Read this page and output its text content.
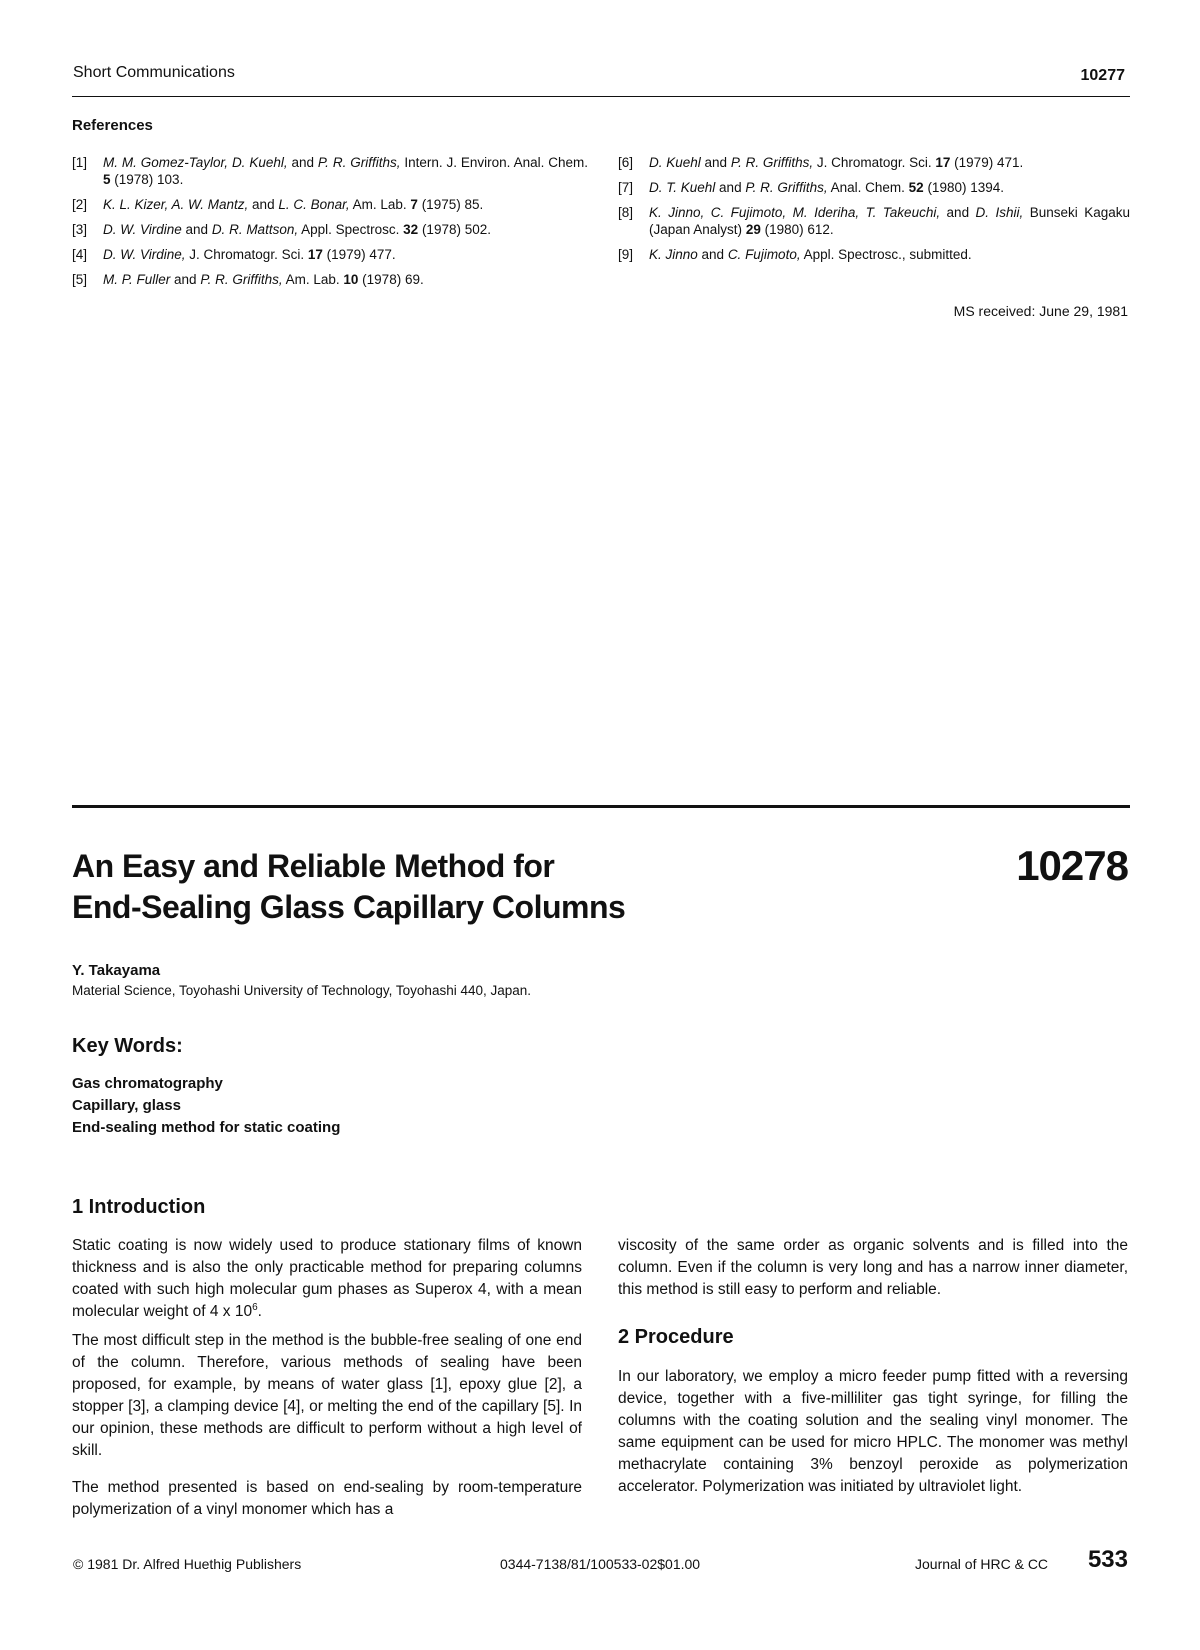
Short Communications	10277
References
[1]	M. M. Gomez-Taylor, D. Kuehl, and P. R. Griffiths, Intern. J. Environ. Anal. Chem. 5 (1978) 103.
[2]	K. L. Kizer, A. W. Mantz, and L. C. Bonar, Am. Lab. 7 (1975) 85.
[3]	D. W. Virdine and D. R. Mattson, Appl. Spectrosc. 32 (1978) 502.
[4]	D. W. Virdine, J. Chromatogr. Sci. 17 (1979) 477.
[5]	M. P. Fuller and P. R. Griffiths, Am. Lab. 10 (1978) 69.
[6]	D. Kuehl and P. R. Griffiths, J. Chromatogr. Sci. 17 (1979) 471.
[7]	D. T. Kuehl and P. R. Griffiths, Anal. Chem. 52 (1980) 1394.
[8]	K. Jinno, C. Fujimoto, M. Ideriha, T. Takeuchi, and D. Ishii, Bunseki Kagaku (Japan Analyst) 29 (1980) 612.
[9]	K. Jinno and C. Fujimoto, Appl. Spectrosc., submitted.
MS received: June 29, 1981
An Easy and Reliable Method for
End-Sealing Glass Capillary Columns
10278
Y. Takayama
Material Science, Toyohashi University of Technology, Toyohashi 440, Japan.
Key Words:
Gas chromatography
Capillary, glass
End-sealing method for static coating
1 Introduction
Static coating is now widely used to produce stationary films of known thickness and is also the only practicable method for preparing columns coated with such high molecular gum phases as Superox 4, with a mean molecular weight of 4 x $10^6$.
The most difficult step in the method is the bubble-free sealing of one end of the column. Therefore, various methods of sealing have been proposed, for example, by means of water glass [1], epoxy glue [2], a stopper [3], a clamping device [4], or melting the end of the capillary [5]. In our opinion, these methods are difficult to perform without a high level of skill.
The method presented is based on end-sealing by room-temperature polymerization of a vinyl monomer which has a
viscosity of the same order as organic solvents and is filled into the column. Even if the column is very long and has a narrow inner diameter, this method is still easy to perform and reliable.
2 Procedure
In our laboratory, we employ a micro feeder pump fitted with a reversing device, together with a five-milliliter gas tight syringe, for filling the columns with the coating solution and the sealing vinyl monomer. The same equipment can be used for micro HPLC. The monomer was methyl methacrylate containing 3% benzoyl peroxide as polymerization accelerator. Polymerization was initiated by ultraviolet light.
© 1981 Dr. Alfred Huethig Publishers	0344-7138/81/100533-02$01.00	Journal of HRC & CC 533
